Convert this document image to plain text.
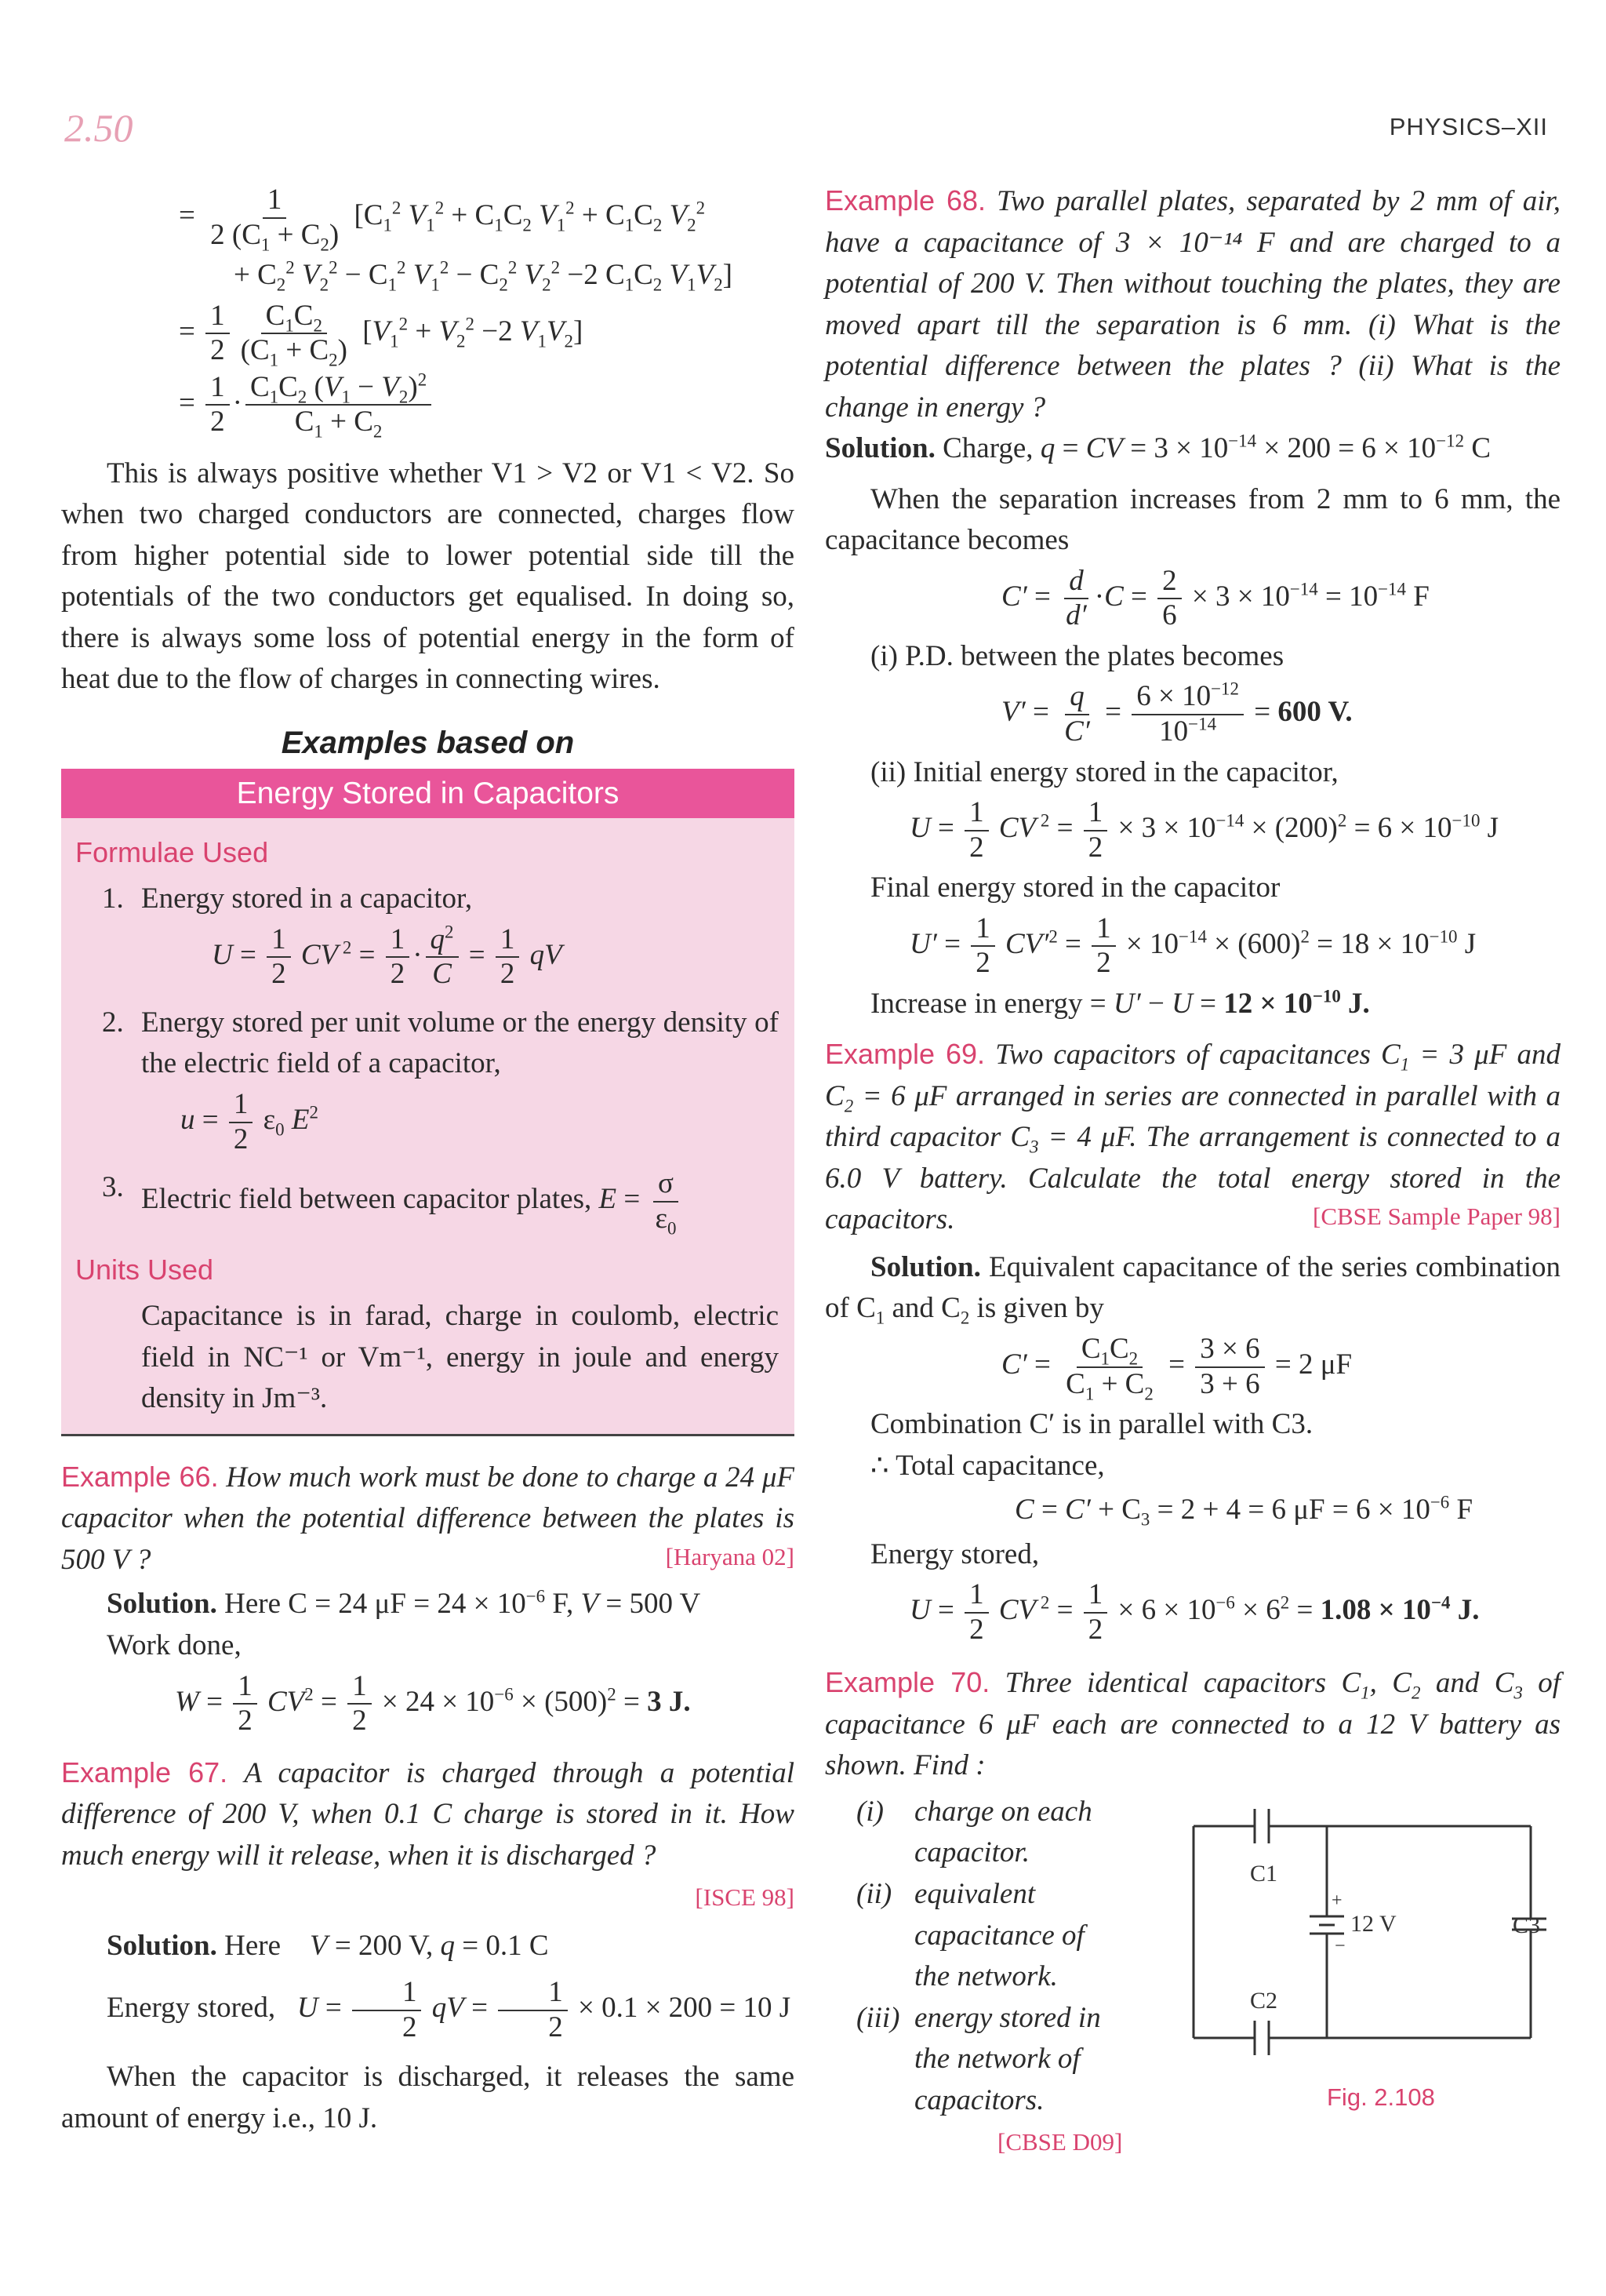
2.50	PHYSICS–XII
= $\frac{1}{2 (C_1 + C_2)} [C_1^2$ $V_1^2 + C_1C_2$ $V_1^2 + C_1C_2$ $V_2^2$
+ $C_2^2$ $V_2^2 - C_1^2$ $V_1^2 - C_2^2$ $V_2^2 -2$ $C_1C_2$ $V_1V_2$]
= $\frac{1}{2} \frac{C_1C_2}{(C_1 + C_2)} [V_1^2 + V_2^2 -2$ $V_1V_2$]
= $\frac{1}{2} \cdot \frac{C_1C_2 (V_1 - V_2)^2}{C_1 + C_2}$

This is always positive whether V1 > V2 or V1 < V2. So when two charged conductors are connected, charges flow from higher potential side to lower potential side till the potentials of the two conductors get equalised. In doing so, there is always some loss of potential energy in the form of heat due to the flow of charges in connecting wires.

Examples based on
Energy Stored in Capacitors
Formulae Used
1. Energy stored in a capacitor,
$U = \frac{1}{2}$ CV $^2 = \frac{1}{2} \cdot \frac{q^2}{C} = \frac{1}{2}$ qV
2. Energy stored per unit volume or the energy density of the electric field of a capacitor,
$u = \frac{1}{2} \varepsilon_0$ $E^2$
3. Electric field between capacitor plates, $E = \frac{\sigma}{\varepsilon_0}$
Units Used
Capacitance is in farad, charge in coulomb, electric field in NC⁻¹ or Vm⁻¹, energy in joule and energy density in Jm⁻³.
Example 66. How much work must be done to charge a 24 μF capacitor when the potential difference between the plates is 500 V ?	[Haryana 02]
Solution. Here C = 24 $\mu F = 24 \times 10^{-6}$ F, V = 500 V
Work done,
$W = \frac{1}{2} CV^2 = \frac{1}{2} \times 24 \times 10^{-6} \times (500)^2 = 3$ J.
Example 67. A capacitor is charged through a potential difference of 200 V, when 0.1 C charge is stored in it. How much energy will it release, when it is discharged ?
[ISCE 98]
Solution. Here    V = 200 V, q = 0.1 C
Energy stored,   $U = \frac{1}{2}$ qV = $\frac{1}{2} \times 0.1 \times 200 = 10$ J

When the capacitor is discharged, it releases the same amount of energy i.e., 10 J.

Example 68. Two parallel plates, separated by 2 mm of air, have a capacitance of 3 × 10⁻¹⁴ F and are charged to a potential of 200 V. Then without touching the plates, they are moved apart till the separation is 6 mm. (i) What is the potential difference between the plates ? (ii) What is the change in energy ?
Solution. Charge, q = CV = $3 \times 10^{-14} \times 200 = 6 \times 10^{-12}$ C

When the separation increases from 2 mm to 6 mm, the capacitance becomes

$C' = \frac{d}{d'} \cdot C = \frac{2}{6} \times 3 \times 10^{-14} = 10^{-14}$ F
(i) P.D. between the plates becomes
$V' = \frac{q}{C'} = \frac{6 \times 10^{-12}}{10^{-14}} = 600$ V.
(ii) Initial energy stored in the capacitor,
$U = \frac{1}{2}$ CV $^2 = \frac{1}{2} \times 3 \times 10^{-14} \times (200)^2 = 6 \times 10^{-10}$ J
Final energy stored in the capacitor
$U' = \frac{1}{2} CV'^2 = \frac{1}{2} \times 10^{-14} \times (600)^2 = 18 \times 10^{-10}$ J
Increase in energy = $U' - U = 12 \times 10^{-10}$ J.
Example 69. Two capacitors of capacitances $C_1 = 3$ μF and $C_2 = 6$ μF arranged in series are connected in parallel with a third capacitor $C_3 = 4$ μF. The arrangement is connected to a 6.0 V battery. Calculate the total energy stored in the capacitors.	[CBSE Sample Paper 98]
Solution. Equivalent capacitance of the series combination of $C_1$ and $C_2$ is given by
$C' = \frac{C_1C_2}{C_1 + C_2} = \frac{3 \times 6}{3 + 6} = 2$ μF
Combination C′ is in parallel with C3.
∴ Total capacitance,
$C = C' + C_3 = 2 + 4 = 6$ $\mu F = 6 \times 10^{-6}$ F
Energy stored,
$U = \frac{1}{2}$ CV $^2 = \frac{1}{2} \times 6 \times 10^{-6} \times 6^2 = 1.08 \times 10^{-4}$ J.
Example 70. Three identical capacitors $C_1$, $C_2$ and $C_3$ of capacitance 6 μF each are connected to a 12 V battery as shown. Find :
(i) charge on each capacitor.
(ii) equivalent capacitance of the network.
(iii) energy stored in the network of capacitors.
[CBSE D09]
C1
C2
C3
12 V
+
−
Fig. 2.108
